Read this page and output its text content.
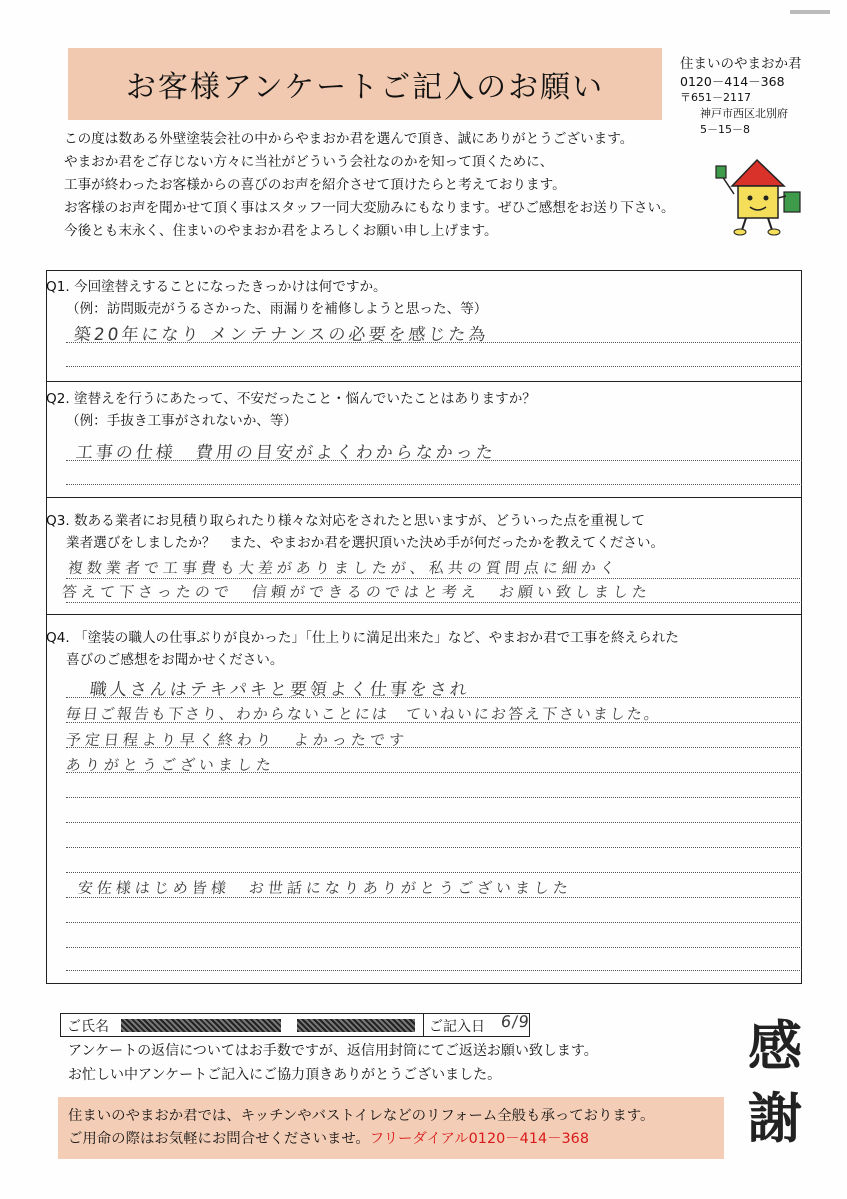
お客様アンケートご記入のお願い
住まいのやまおか君
0120－414－368
〒651－2117
神戸市西区北別府
5－15－8
この度は数ある外壁塗装会社の中からやまおか君を選んで頂き、誠にありがとうございます。
やまおか君をご存じない方々に当社がどういう会社なのかを知って頂くために、
工事が終わったお客様からの喜びのお声を紹介させて頂けたらと考えております。
お客様のお声を聞かせて頂く事はスタッフ一同大変励みにもなります。ぜひご感想をお送り下さい。
今後とも末永く、住まいのやまおか君をよろしくお願い申し上げます。
Q1. 今回塗替えすることになったきっかけは何ですか。
（例：訪問販売がうるさかった、雨漏りを補修しようと思った、等）
築20年になり メンテナンスの必要を感じた為
Q2. 塗替えを行うにあたって、不安だったこと・悩んでいたことはありますか？
（例：手抜き工事がされないか、等）
工事の仕様　費用の目安がよくわからなかった
Q3. 数ある業者にお見積り取られたり様々な対応をされたと思いますが、どういった点を重視して
業者選びをしましたか？　また、やまおか君を選択頂いた決め手が何だったかを教えてください。
複数業者で工事費も大差がありましたが、私共の質問点に細かく
答えて下さったので　信頼ができるのではと考え　お願い致しました
Q4. 「塗装の職人の仕事ぶりが良かった」「仕上りに満足出来た」など、やまおか君で工事を終えられた
喜びのご感想をお聞かせください。
職人さんはテキパキと要領よく仕事をされ
毎日ご報告も下さり、わからないことには　ていねいにお答え下さいました。
予定日程より早く終わり　よかったです
ありがとうございました
安佐様はじめ皆様　お世話になりありがとうございました
ご氏名	ご記入日 6/9
アンケートの返信についてはお手数ですが、返信用封筒にてご返送お願い致します。
お忙しい中アンケートご記入にご協力頂きありがとうございました。
住まいのやまおか君では、キッチンやバストイレなどのリフォーム全般も承っております。
ご用命の際はお気軽にお問合せくださいませ。フリーダイアル0120－414－368
感
謝
